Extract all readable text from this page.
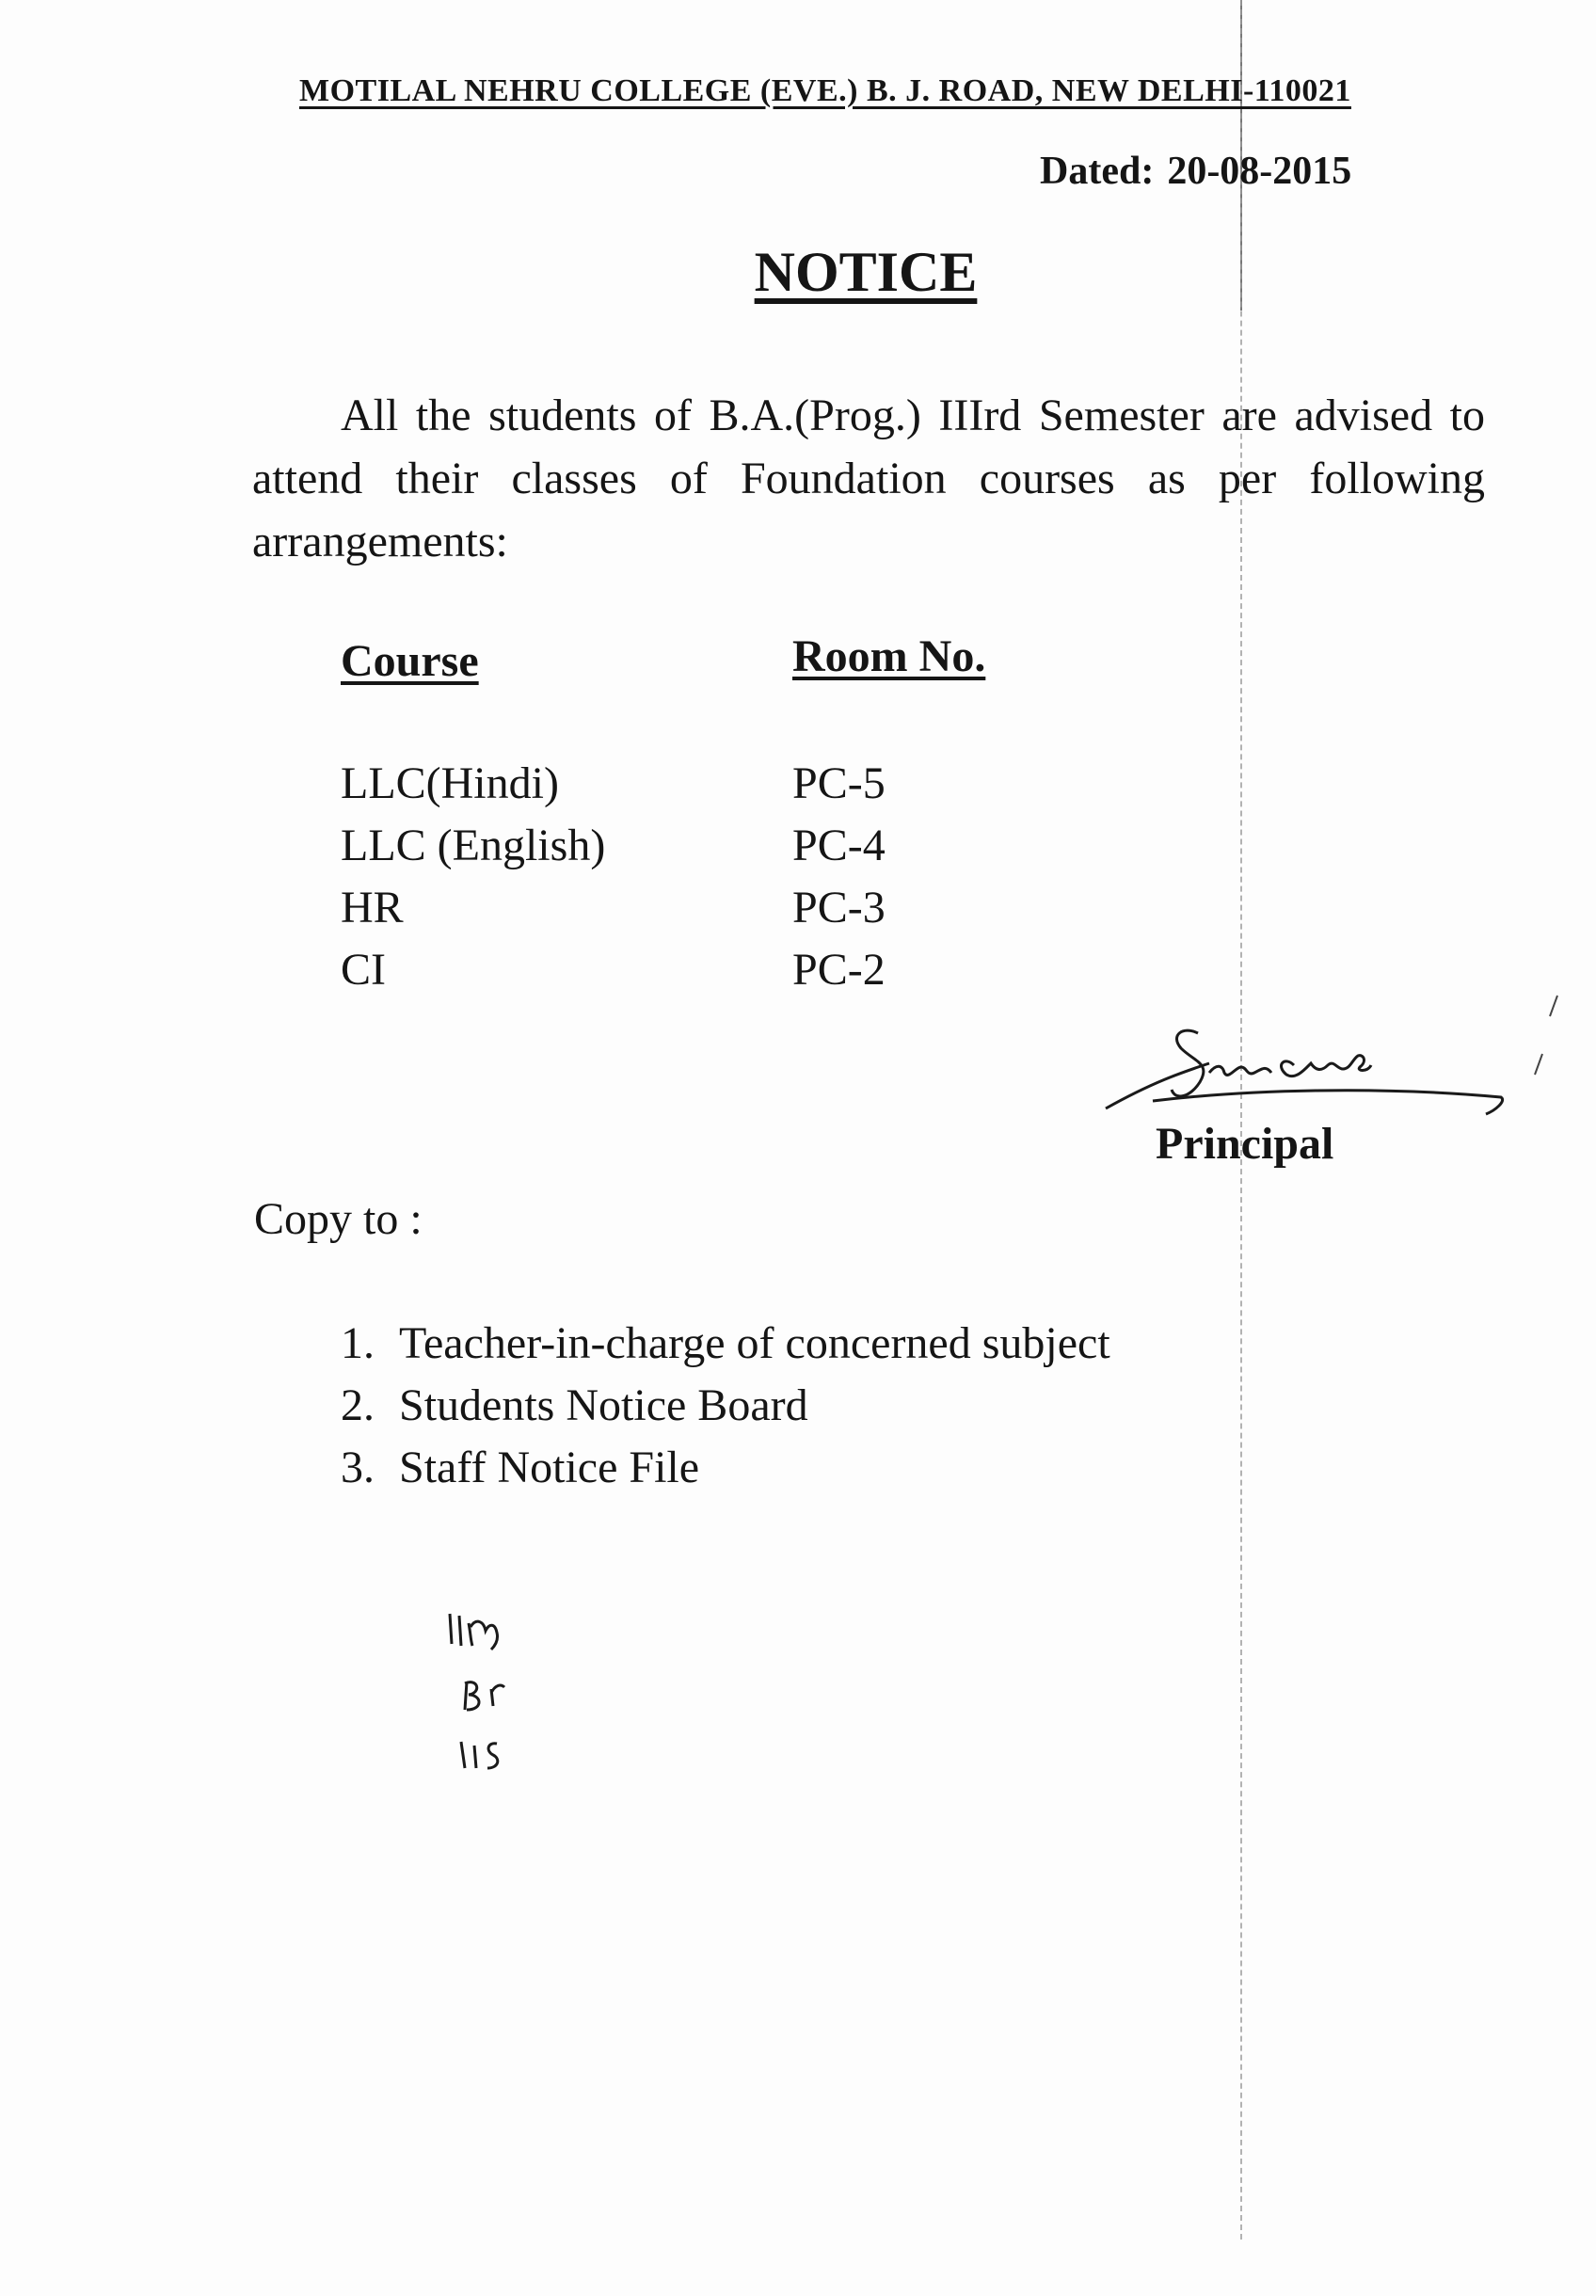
MOTILAL NEHRU COLLEGE (EVE.) B. J. ROAD, NEW DELHI-110021
Dated: 20-08-2015
NOTICE
All the students of B.A.(Prog.) IIIrd Semester are advised to attend their classes of Foundation courses as per following arrangements:
Course	Room No.
LLC(Hindi)	PC-5
LLC (English)	PC-4
HR	PC-3
CI	PC-2
Principal
Copy to :
1. Teacher-in-charge of concerned subject
2. Students Notice Board
3. Staff Notice File
